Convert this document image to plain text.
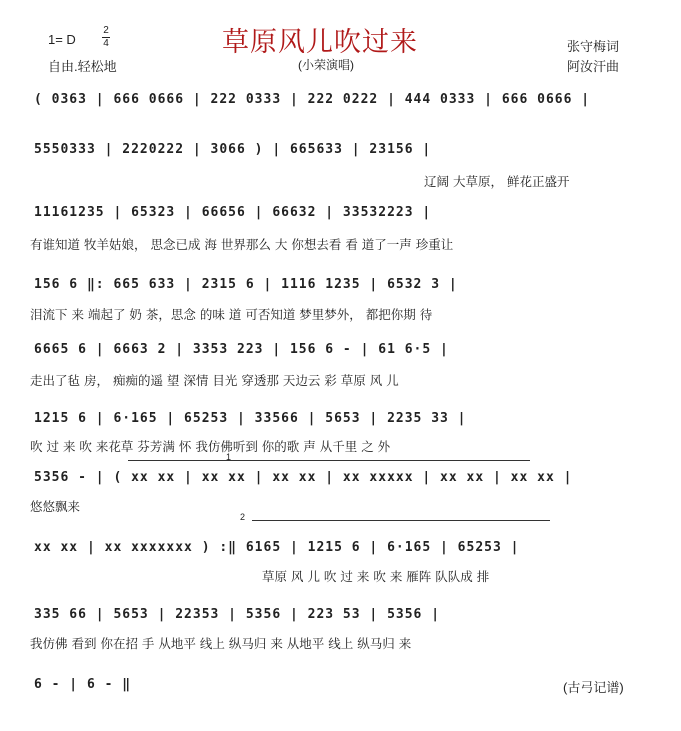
1= D
2
4	草原风儿吹过来
(小荣演唱)
自由.轻松地
张守梅词
阿汝汗曲
( 0363 | 666 0666 | 222 0333 | 222 0222 | 444 0333 | 666 0666 |
5550333 | 2220222 | 3066 ) | 665633 | 23156 |
辽阔 大草原， 鲜花正盛开
11161235 | 65323 | 66656 | 66632 | 33532223 |
有谁知道 牧羊姑娘， 思念已成 海 世界那么 大 你想去看 看 道了一声 珍重让
156 6 ‖: 665 633 | 2315 6 | 1116 1235 | 6532 3 |
泪流下 来 端起了 奶 茶，思念 的味 道 可否知道 梦里梦外， 都把你期 待
6665 6 | 6663 2 | 3353 223 | 156 6 - | 61 6·5 |
走出了毡 房， 痴痴的遥 望 深情 目光 穿透那 天边云 彩 草原 风 儿
1215 6 | 6·165 | 65253 | 33566 | 5653 | 2235 33 |
吹 过 来 吹 来花草 芬芳满 怀 我仿佛听到 你的歌 声 从千里 之 外
1
5356 - | ( xx xx | xx xx | xx xx | xx xxxxx | xx xx | xx xx |
悠悠飘来
2
xx xx | xx xxxxxxx ) :‖ 6165 | 1215 6 | 6·165 | 65253 |
草原 风 儿 吹 过 来 吹 来 雁阵 队队成 排
335 66 | 5653 | 22353 | 5356 | 223 53 | 5356 |
我仿佛 看到 你在招 手 从地平 线上 纵马归 来 从地平 线上 纵马归 来
6 - | 6 - ‖	(古弓记谱)
